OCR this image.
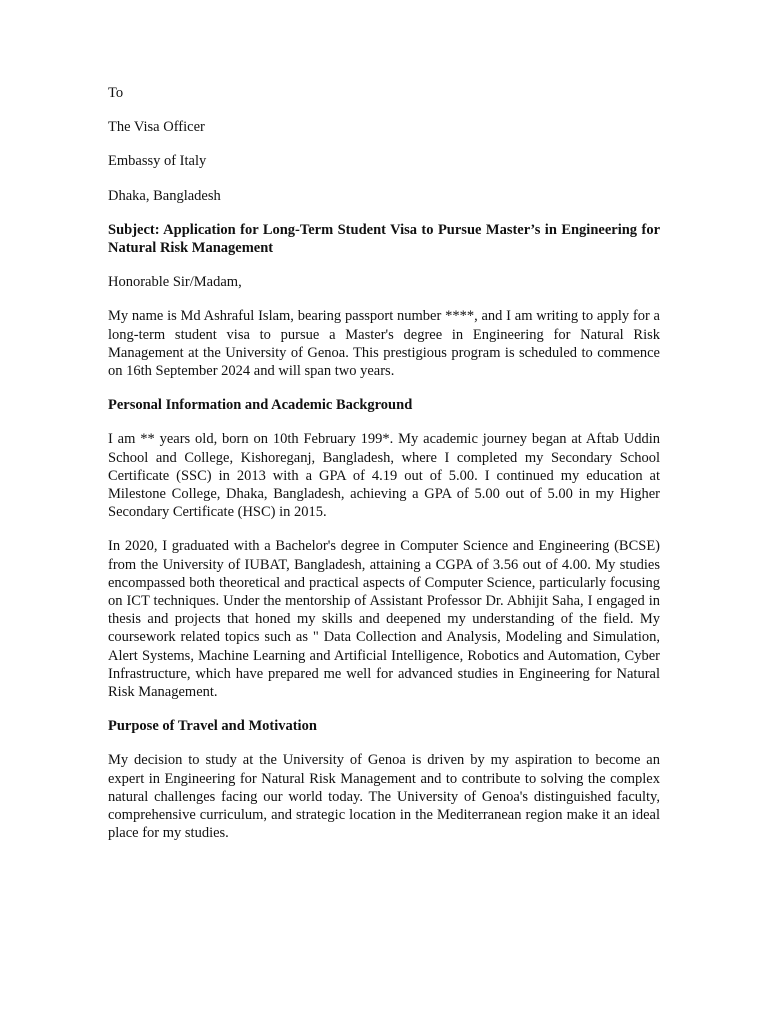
To

The Visa Officer

Embassy of Italy

Dhaka, Bangladesh

Subject: Application for Long-Term Student Visa to Pursue Master’s in Engineering for Natural Risk Management

Honorable Sir/Madam,

My name is Md Ashraful Islam, bearing passport number ****, and I am writing to apply for a long-term student visa to pursue a Master's degree in Engineering for Natural Risk Management at the University of Genoa. This prestigious program is scheduled to commence on 16th September 2024 and will span two years.

Personal Information and Academic Background

I am ** years old, born on 10th February 199*. My academic journey began at Aftab Uddin School and College, Kishoreganj, Bangladesh, where I completed my Secondary School Certificate (SSC) in 2013 with a GPA of 4.19 out of 5.00. I continued my education at Milestone College, Dhaka, Bangladesh, achieving a GPA of 5.00 out of 5.00 in my Higher Secondary Certificate (HSC) in 2015.

In 2020, I graduated with a Bachelor's degree in Computer Science and Engineering (BCSE) from the University of IUBAT, Bangladesh, attaining a CGPA of 3.56 out of 4.00. My studies encompassed both theoretical and practical aspects of Computer Science, particularly focusing on ICT techniques. Under the mentorship of Assistant Professor Dr. Abhijit Saha, I engaged in thesis and projects that honed my skills and deepened my understanding of the field. My coursework related topics such as " Data Collection and Analysis, Modeling and Simulation, Alert Systems, Machine Learning and Artificial Intelligence, Robotics and Automation, Cyber Infrastructure, which have prepared me well for advanced studies in Engineering for Natural Risk Management.

Purpose of Travel and Motivation

My decision to study at the University of Genoa is driven by my aspiration to become an expert in Engineering for Natural Risk Management and to contribute to solving the complex natural challenges facing our world today. The University of Genoa's distinguished faculty, comprehensive curriculum, and strategic location in the Mediterranean region make it an ideal place for my studies.
